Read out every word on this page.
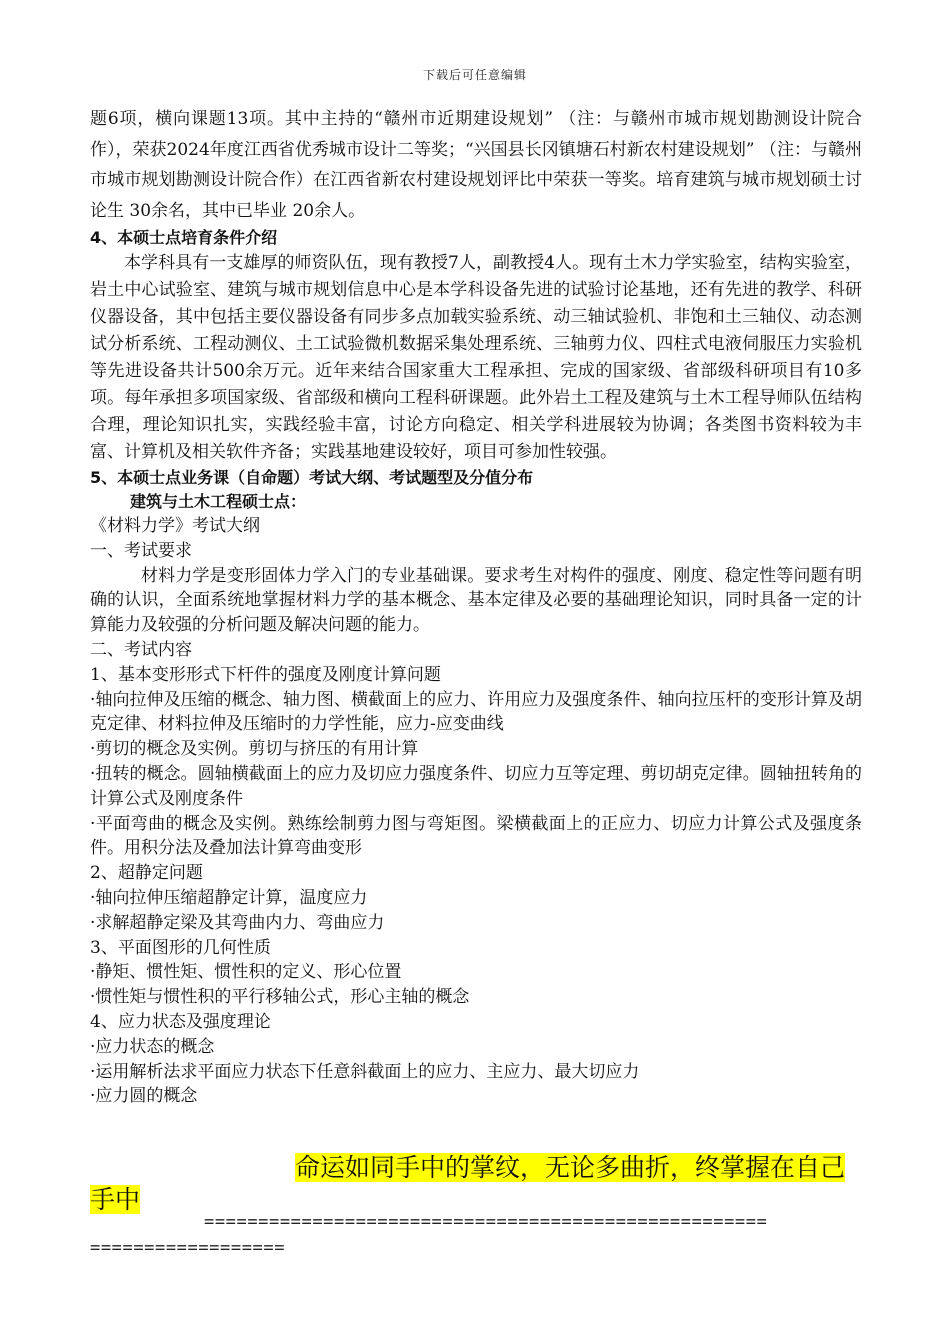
下载后可任意编辑

题6项，横向课题13项。其中主持的“赣州市近期建设规划” （注：与赣州市城市规划勘测设计院合作），荣获2024年度江西省优秀城市设计二等奖；“兴国县长冈镇塘石村新农村建设规划” （注：与赣州市城市规划勘测设计院合作）在江西省新农村建设规划评比中荣获一等奖。培育建筑与城市规划硕士讨论生 30余名，其中已毕业 20余人。

4、本硕士点培育条件介绍

本学科具有一支雄厚的师资队伍，现有教授7人，副教授4人。现有土木力学实验室，结构实验室，岩土中心试验室、建筑与城市规划信息中心是本学科设备先进的试验讨论基地，还有先进的教学、科研仪器设备，其中包括主要仪器设备有同步多点加载实验系统、动三轴试验机、非饱和土三轴仪、动态测试分析系统、工程动测仪、土工试验微机数据采集处理系统、三轴剪力仪、四柱式电液伺服压力实验机等先进设备共计500余万元。近年来结合国家重大工程承担、完成的国家级、省部级科研项目有10多项。每年承担多项国家级、省部级和横向工程科研课题。此外岩土工程及建筑与土木工程导师队伍结构合理，理论知识扎实，实践经验丰富，讨论方向稳定、相关学科进展较为协调；各类图书资料较为丰富、计算机及相关软件齐备；实践基地建设较好，项目可参加性较强。

5、本硕士点业务课（自命题）考试大纲、考试题型及分值分布

建筑与土木工程硕士点：

《材料力学》考试大纲

一、考试要求

材料力学是变形固体力学入门的专业基础课。要求考生对构件的强度、刚度、稳定性等问题有明确的认识，全面系统地掌握材料力学的基本概念、基本定律及必要的基础理论知识，同时具备一定的计算能力及较强的分析问题及解决问题的能力。

二、考试内容

1、基本变形形式下杆件的强度及刚度计算问题

·轴向拉伸及压缩的概念、轴力图、横截面上的应力、许用应力及强度条件、轴向拉压杆的变形计算及胡克定律、材料拉伸及压缩时的力学性能，应力-应变曲线

·剪切的概念及实例。剪切与挤压的有用计算

·扭转的概念。圆轴横截面上的应力及切应力强度条件、切应力互等定理、剪切胡克定律。圆轴扭转角的计算公式及刚度条件

·平面弯曲的概念及实例。熟练绘制剪力图与弯矩图。梁横截面上的正应力、切应力计算公式及强度条件。用积分法及叠加法计算弯曲变形

2、超静定问题

·轴向拉伸压缩超静定计算，温度应力

·求解超静定梁及其弯曲内力、弯曲应力

3、平面图形的几何性质

·静矩、惯性矩、惯性积的定义、形心位置

·惯性矩与惯性积的平行移轴公式，形心主轴的概念

4、应力状态及强度理论

·应力状态的概念

·运用解析法求平面应力状态下任意斜截面上的应力、主应力、最大切应力

·应力圆的概念

命运如同手中的掌纹，无论多曲折，终掌握在自己

手中

====================================================

==================
